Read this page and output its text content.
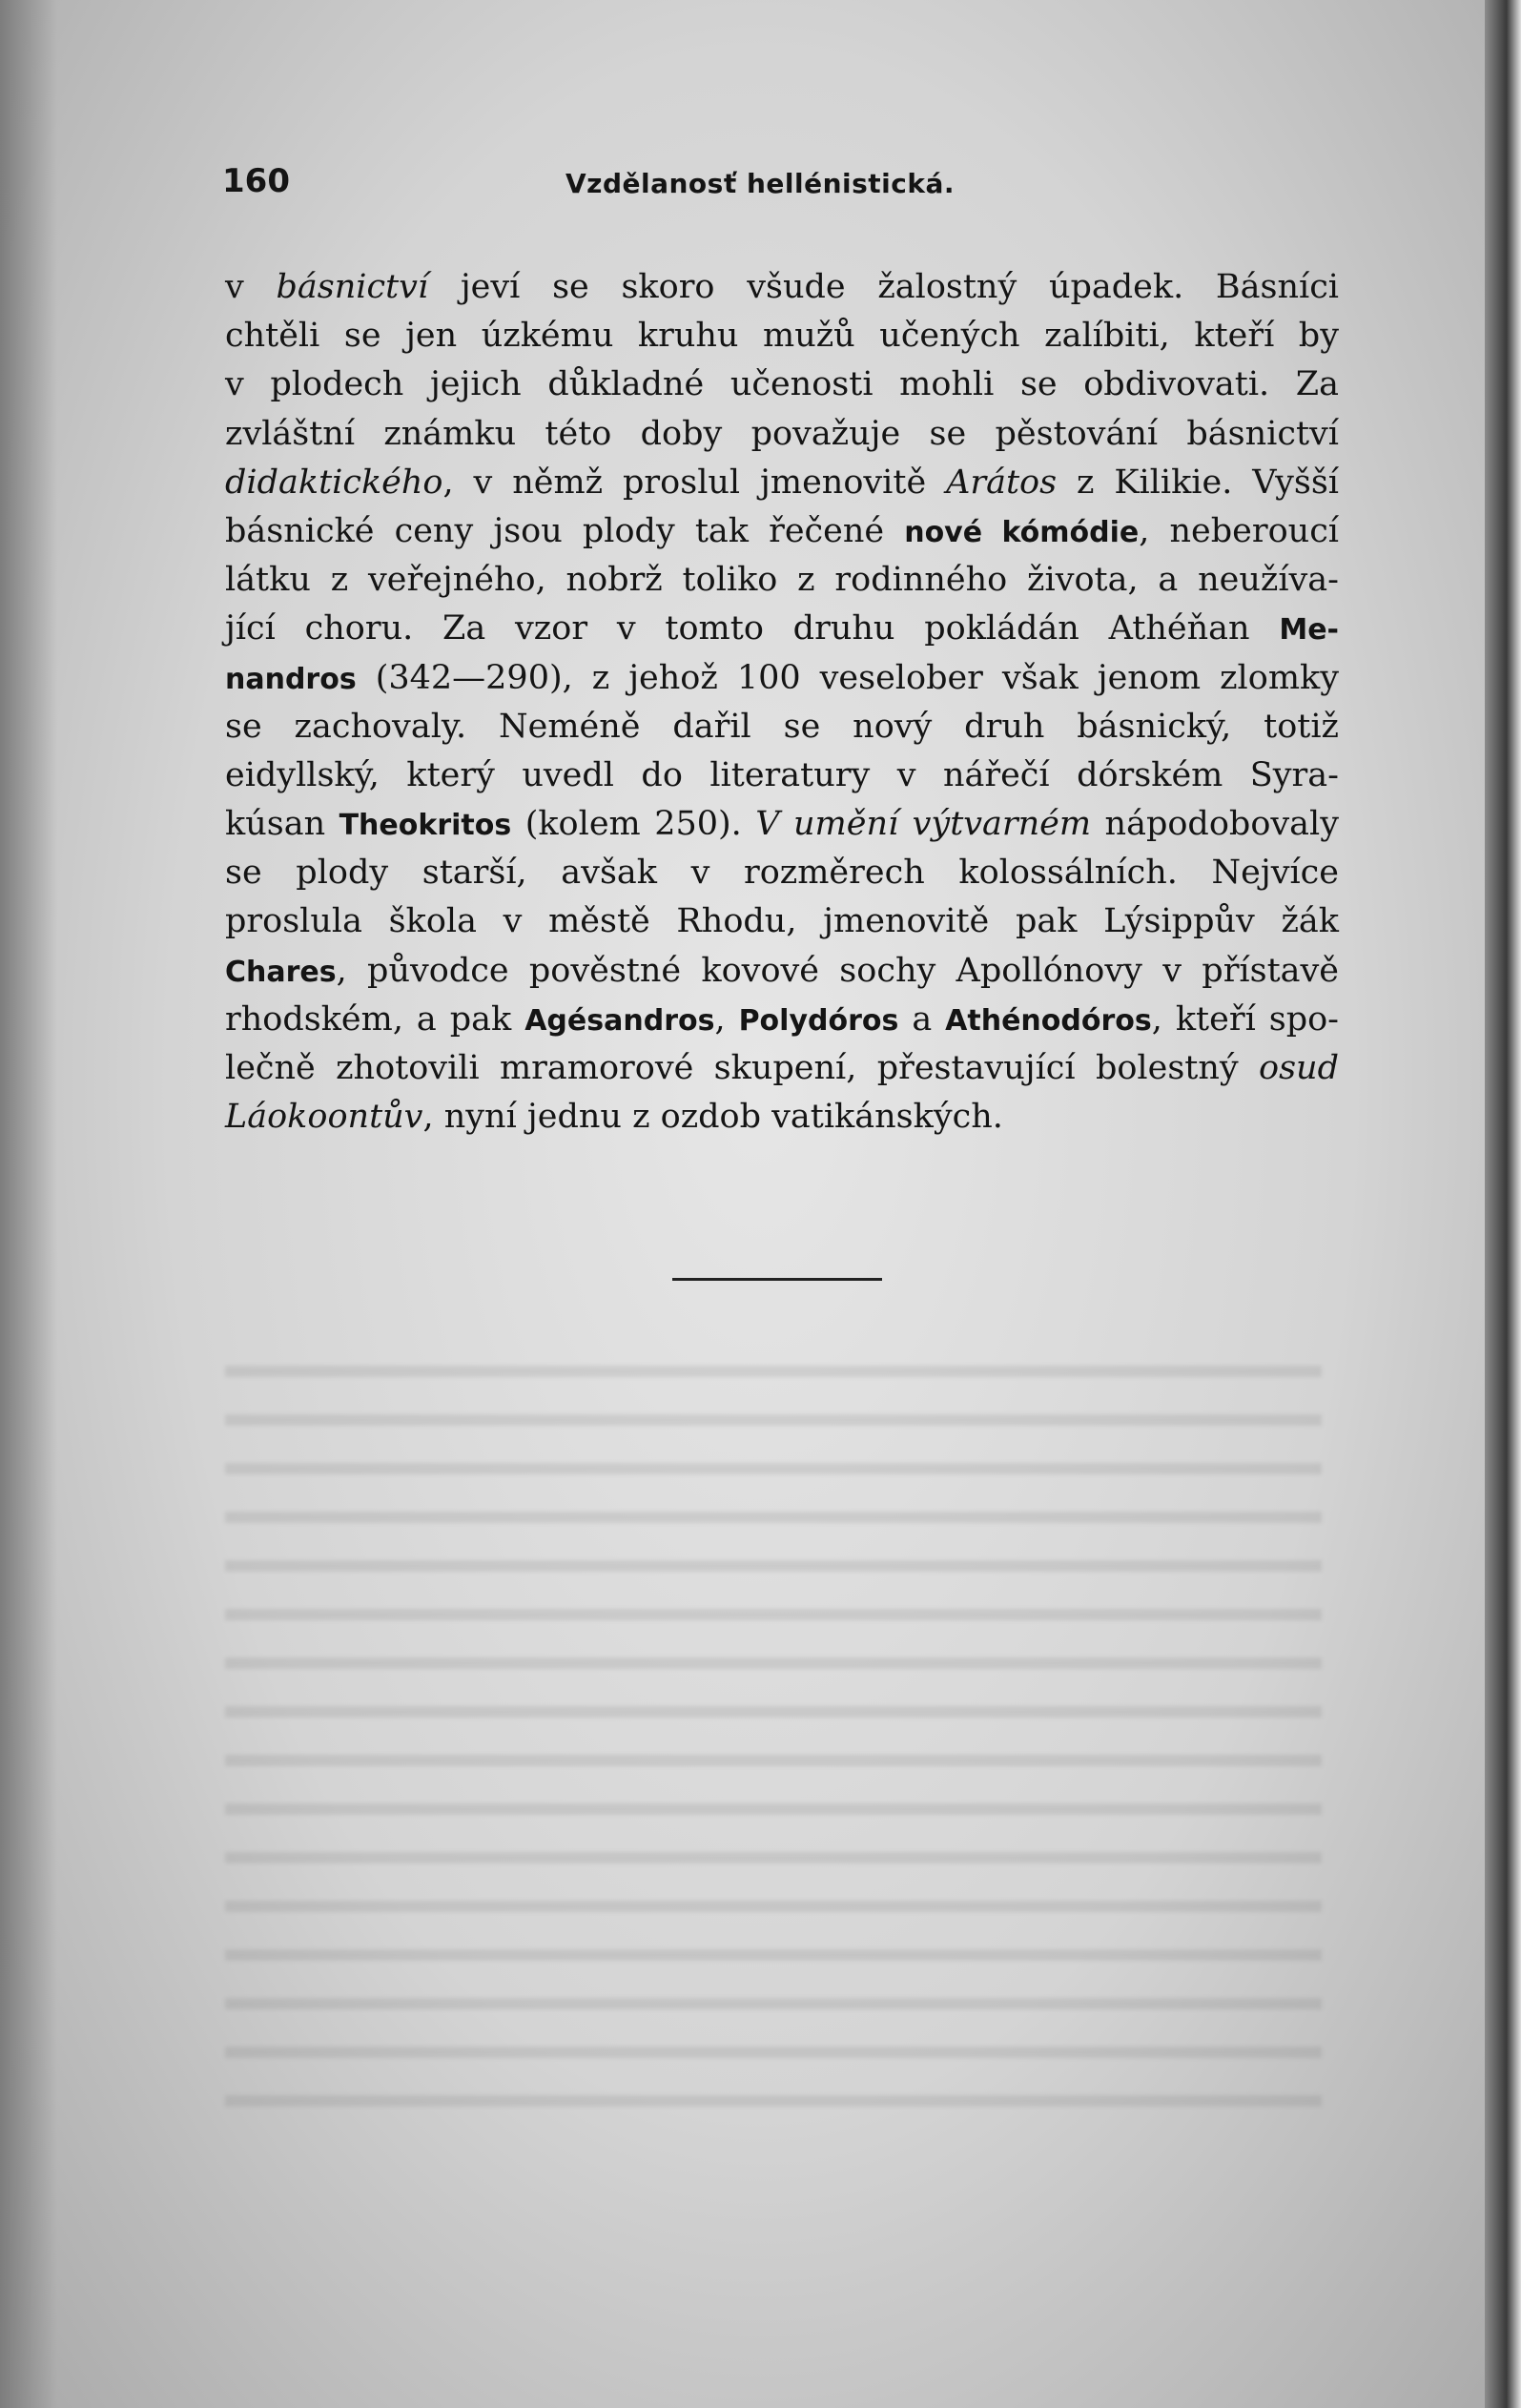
160	Vzdělanosť hellénistická.
v básnictví jeví se skoro všude žalostný úpadek. Básníci
chtěli se jen úzkému kruhu mužů učených zalíbiti, kteří by
v plodech jejich důkladné učenosti mohli se obdivovati. Za
zvláštní známku této doby považuje se pěstování básnictví
didaktického, v němž proslul jmenovitě Arátos z Kilikie. Vyšší
básnické ceny jsou plody tak řečené nové kómódie, neberoucí
látku z veřejného, nobrž toliko z rodinného života, a neužíva-
jící choru. Za vzor v tomto druhu pokládán Athéňan Me-
nandros (342—290), z jehož 100 veselober však jenom zlomky
se zachovaly. Neméně dařil se nový druh básnický, totiž
eidyllský, který uvedl do literatury v nářečí dórském Syra-
kúsan Theokritos (kolem 250). V umění výtvarném nápodobovaly
se plody starší, avšak v rozměrech kolossálních. Nejvíce
proslula škola v městě Rhodu, jmenovitě pak Lýsippův žák
Chares, původce pověstné kovové sochy Apollónovy v přístavě
rhodském, a pak Agésandros, Polydóros a Athénodóros, kteří spo-
lečně zhotovili mramorové skupení, přestavující bolestný osud
Láokoontův, nyní jednu z ozdob vatikánských.
